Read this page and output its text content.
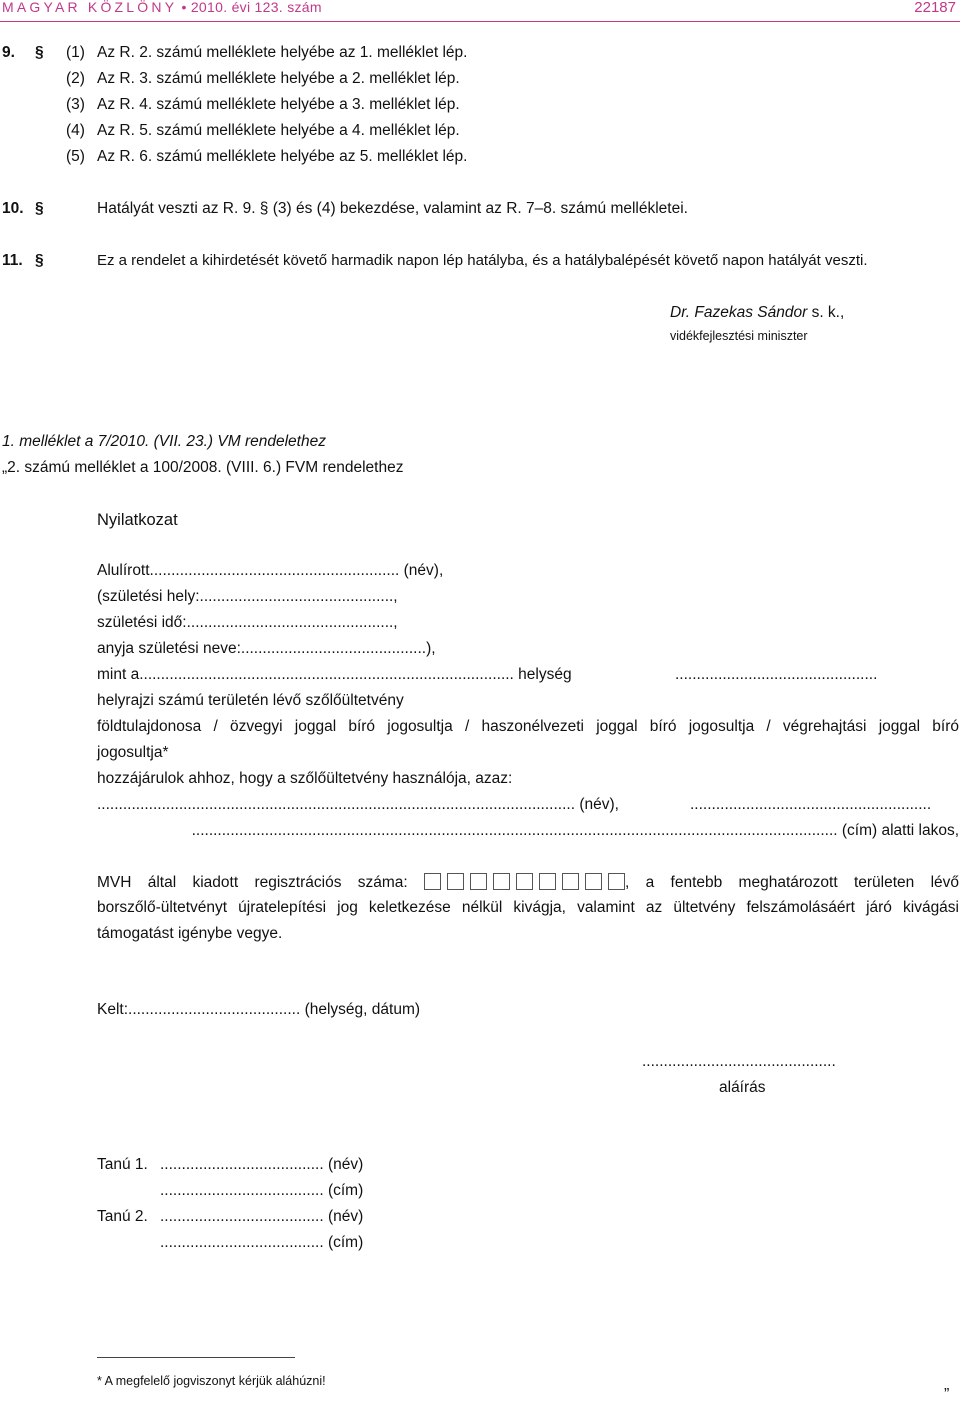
MAGYAR KÖZLÖNY • 2010. évi 123. szám	22187
9. § (1) Az R. 2. számú melléklete helyébe az 1. melléklet lép.
(2) Az R. 3. számú melléklete helyébe a 2. melléklet lép.
(3) Az R. 4. számú melléklete helyébe a 3. melléklet lép.
(4) Az R. 5. számú melléklete helyébe a 4. melléklet lép.
(5) Az R. 6. számú melléklete helyébe az 5. melléklet lép.
10. §	Hatályát veszti az R. 9. § (3) és (4) bekezdése, valamint az R. 7–8. számú mellékletei.
11. §	Ez a rendelet a kihirdetését követő harmadik napon lép hatályba, és a hatálybalépését követő napon hatályát veszti.
Dr. Fazekas Sándor s. k.,
vidékfejlesztési miniszter
1. melléklet a 7/2010. (VII. 23.) VM rendelethez
„2. számú melléklet a 100/2008. (VIII. 6.) FVM rendelethez
Nyilatkozat
Alulírott.......................................................... (név),
(születési hely:.............................................,
születési idő:................................................,
anyja születési neve:...........................................),
mint a....................................................................................... helység	...............................................
helyrajzi számú területén lévő szőlőültetvény
földtulajdonosa / özvegyi joggal bíró jogosultja / haszonélvezeti joggal bíró jogosultja / végrehajtási joggal bíró
jogosultja*
hozzájárulok ahhoz, hogy a szőlőültetvény használója, azaz:
............................................................................................................... (név),	........................................................
...................................................................................................................................................... (cím) alatti lakos,
MVH által kiadott regisztrációs száma:	, a fentebb meghatározott területen lévő
borszőlő-ültetvényt újratelepítési jog keletkezése nélkül kivágja, valamint az ültetvény felszámolásáért járó kivágási
támogatást igénybe vegye.
Kelt:........................................ (helység, dátum)
.............................................
aláírás
Tanú 1. ...................................... (név)
...................................... (cím)
Tanú 2. ...................................... (név)
...................................... (cím)
* A megfelelő jogviszonyt kérjük aláhúzni!
”
